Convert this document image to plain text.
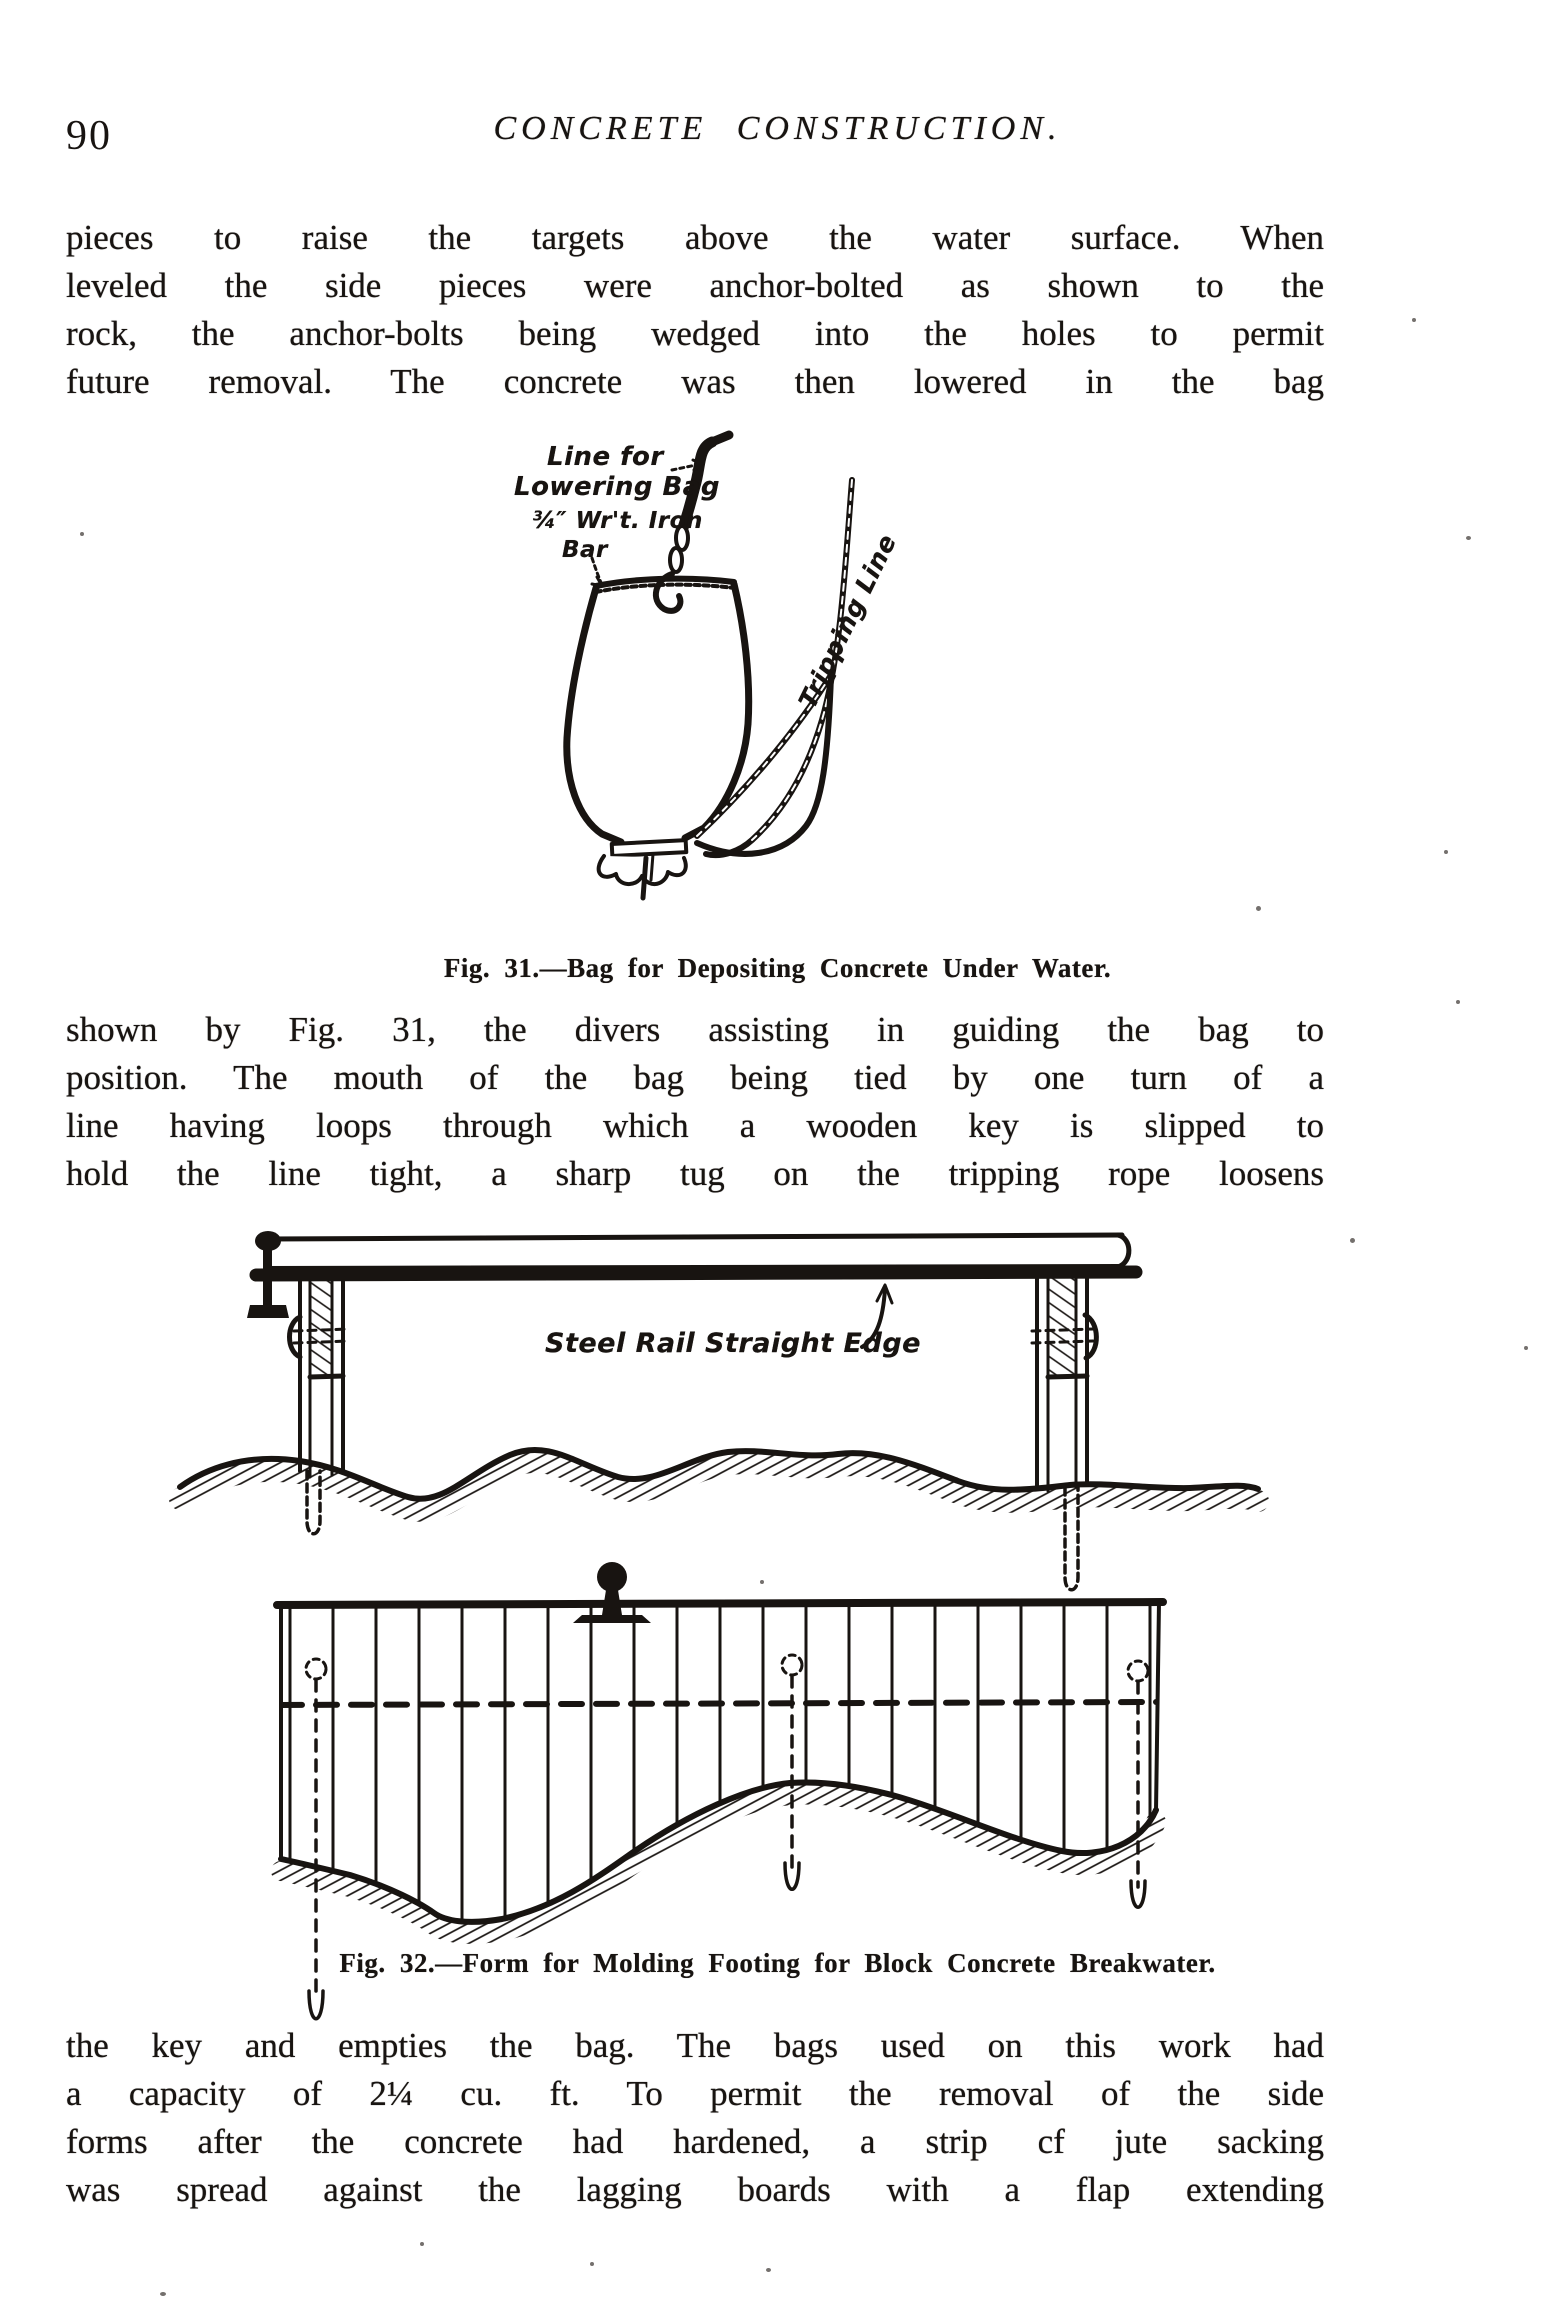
90	CONCRETE CONSTRUCTION.
pieces to raise the targets above the water surface. When
leveled the side pieces were anchor-bolted as shown to the
rock, the anchor-bolts being wedged into the holes to permit
future removal. The concrete was then lowered in the bag
Line for
Lowering Bag
¾″ Wr't. Iron
Bar	Tripping Line
Fig. 31.—Bag for Depositing Concrete Under Water.
shown by Fig. 31, the divers assisting in guiding the bag to
position. The mouth of the bag being tied by one turn of a
line having loops through which a wooden key is slipped to
hold the line tight, a sharp tug on the tripping rope loosens
Steel Rail Straight Edge
Fig. 32.—Form for Molding Footing for Block Concrete Breakwater.
the key and empties the bag. The bags used on this work had
a capacity of 2¼ cu. ft. To permit the removal of the side
forms after the concrete had hardened, a strip cf jute sacking
was spread against the lagging boards with a flap extending
